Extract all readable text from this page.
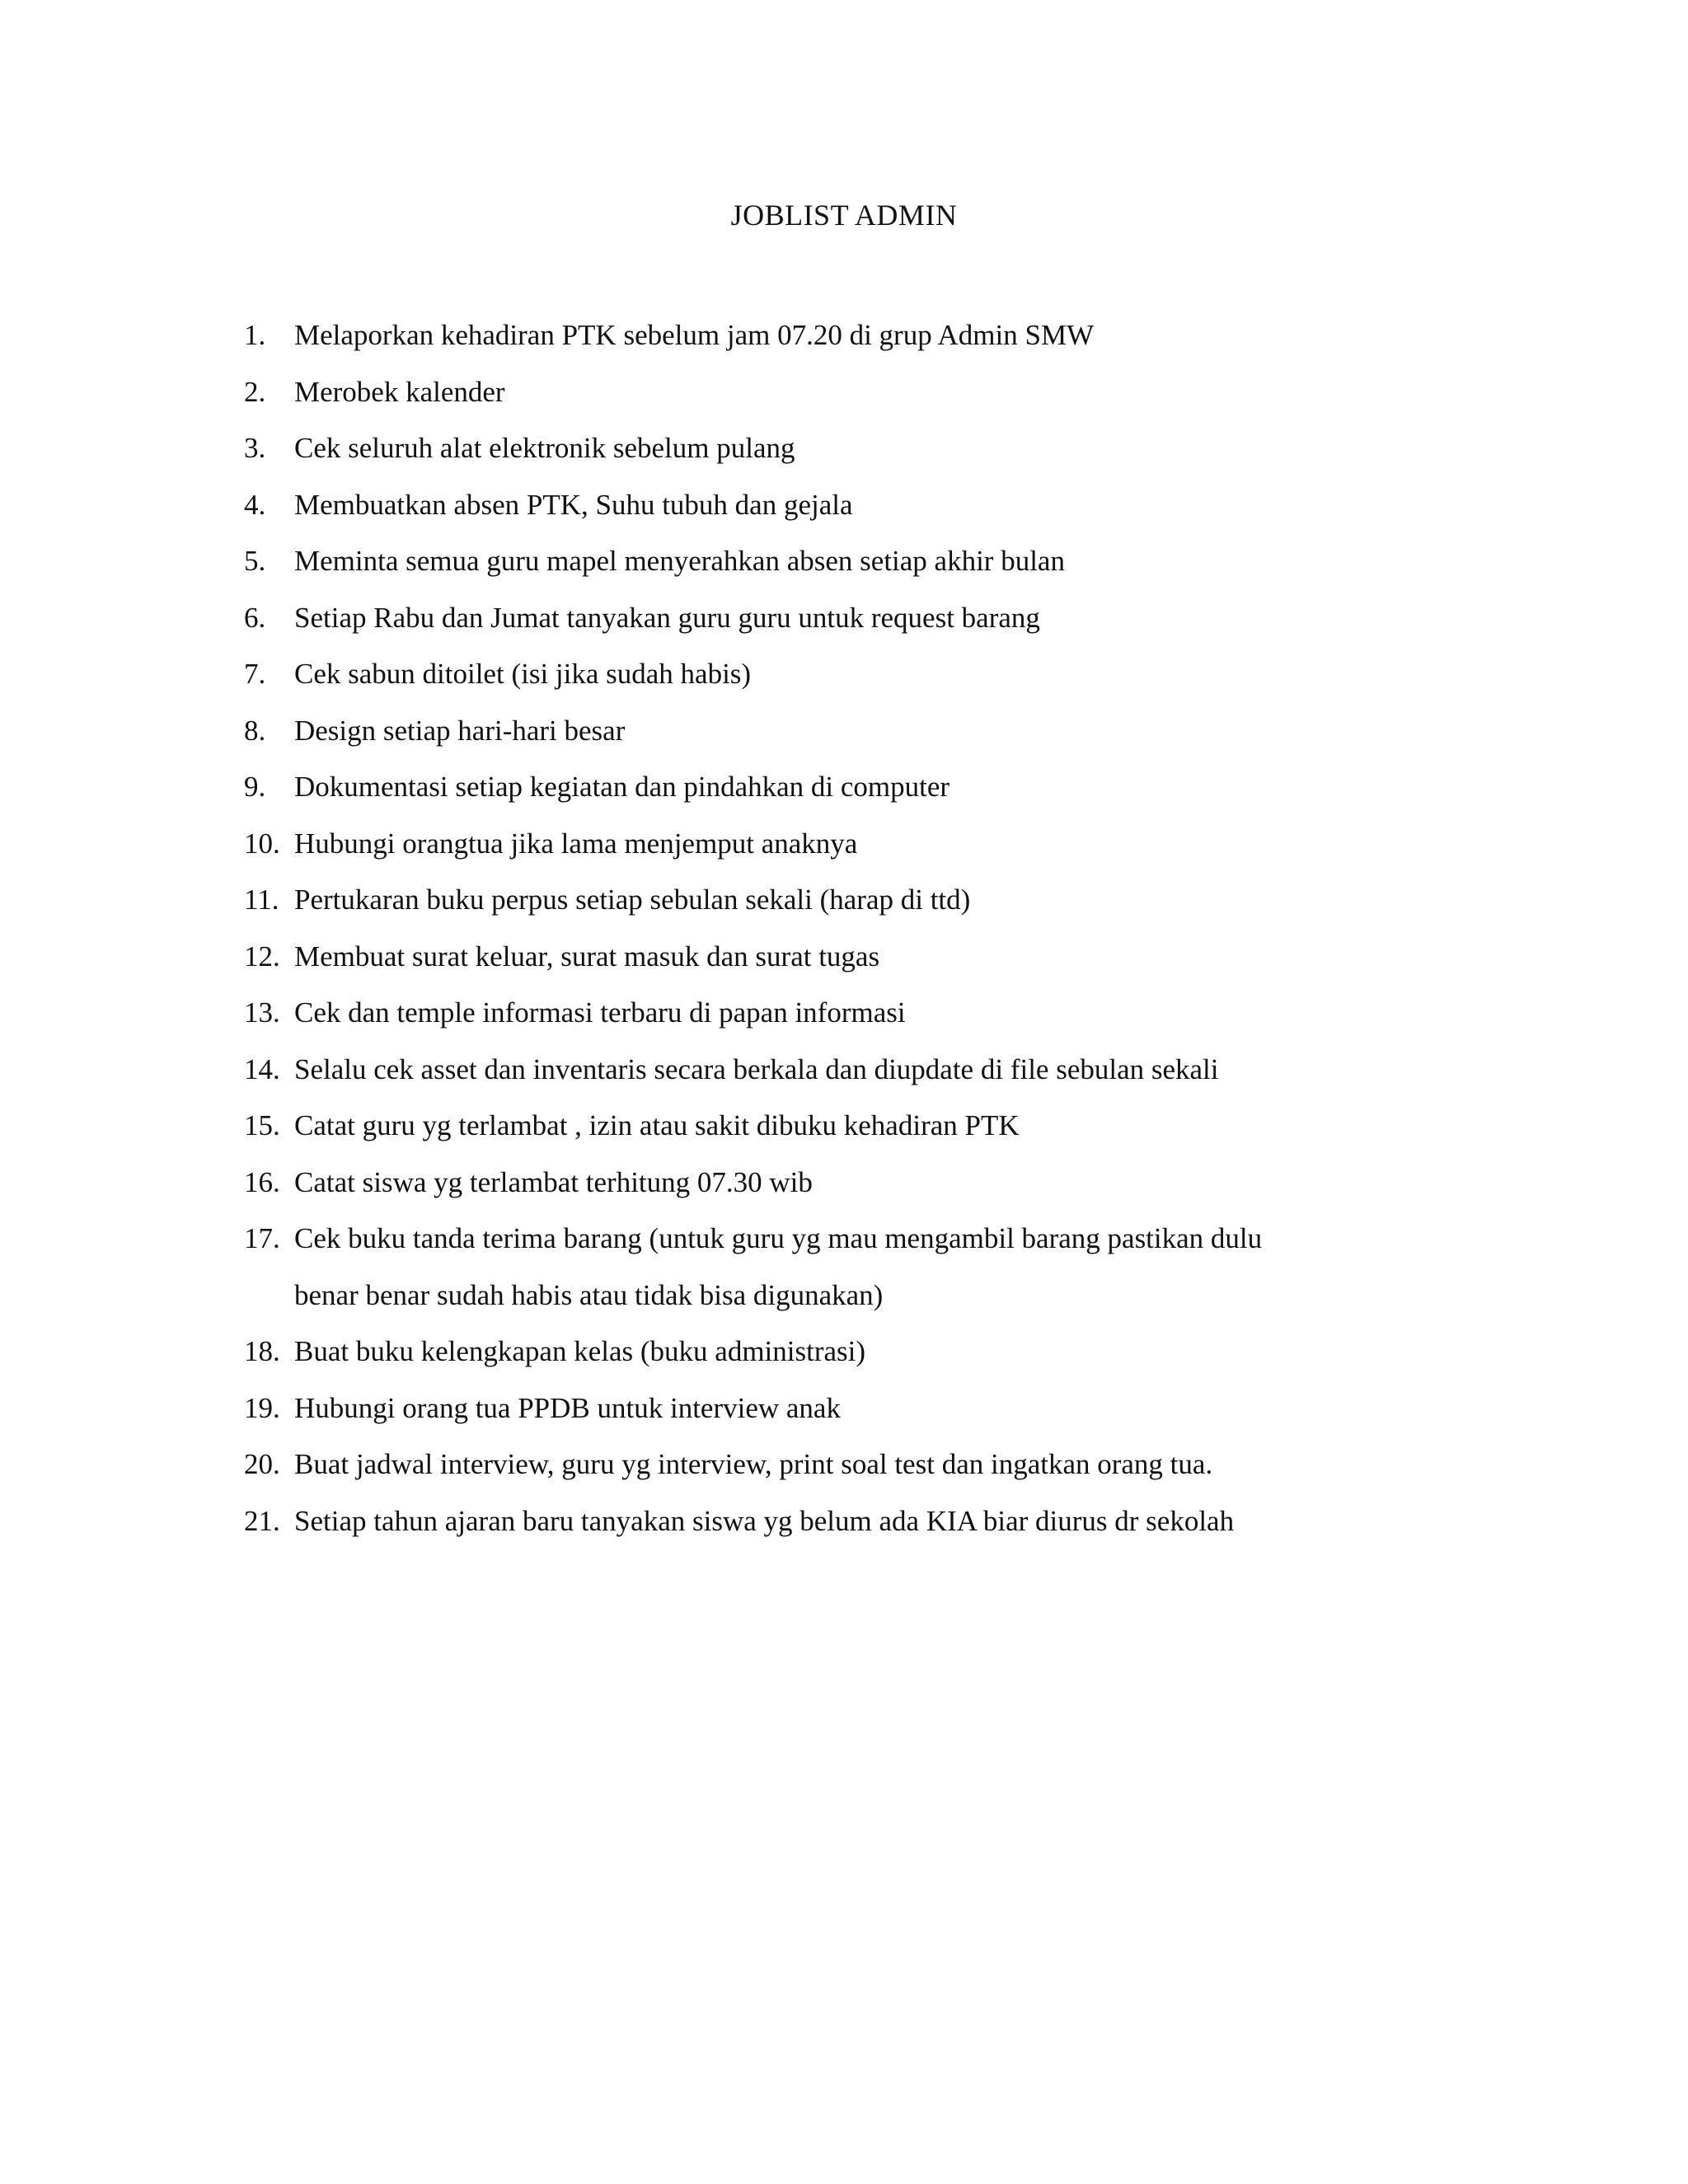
JOBLIST ADMIN
1. Melaporkan kehadiran PTK sebelum jam 07.20 di grup Admin SMW
2. Merobek kalender
3. Cek seluruh alat elektronik sebelum pulang
4. Membuatkan absen PTK, Suhu tubuh dan gejala
5. Meminta semua guru mapel menyerahkan absen setiap akhir bulan
6. Setiap Rabu dan Jumat tanyakan guru guru untuk request barang
7. Cek sabun ditoilet (isi jika sudah habis)
8. Design setiap hari-hari besar
9. Dokumentasi setiap kegiatan dan pindahkan di computer
10. Hubungi orangtua jika lama menjemput anaknya
11. Pertukaran buku perpus setiap sebulan sekali (harap di ttd)
12. Membuat surat keluar, surat masuk dan surat tugas
13. Cek dan temple informasi terbaru di papan informasi
14. Selalu cek asset dan inventaris secara berkala dan diupdate di file sebulan sekali
15. Catat guru yg terlambat , izin atau sakit dibuku kehadiran PTK
16. Catat siswa yg terlambat terhitung 07.30 wib
17. Cek buku tanda terima barang (untuk guru yg mau mengambil barang pastikan dulu
benar benar sudah habis atau tidak bisa digunakan)
18. Buat buku kelengkapan kelas (buku administrasi)
19. Hubungi orang tua PPDB untuk interview anak
20. Buat jadwal interview, guru yg interview, print soal test dan ingatkan orang tua.
21. Setiap tahun ajaran baru tanyakan siswa yg belum ada KIA biar diurus dr sekolah
